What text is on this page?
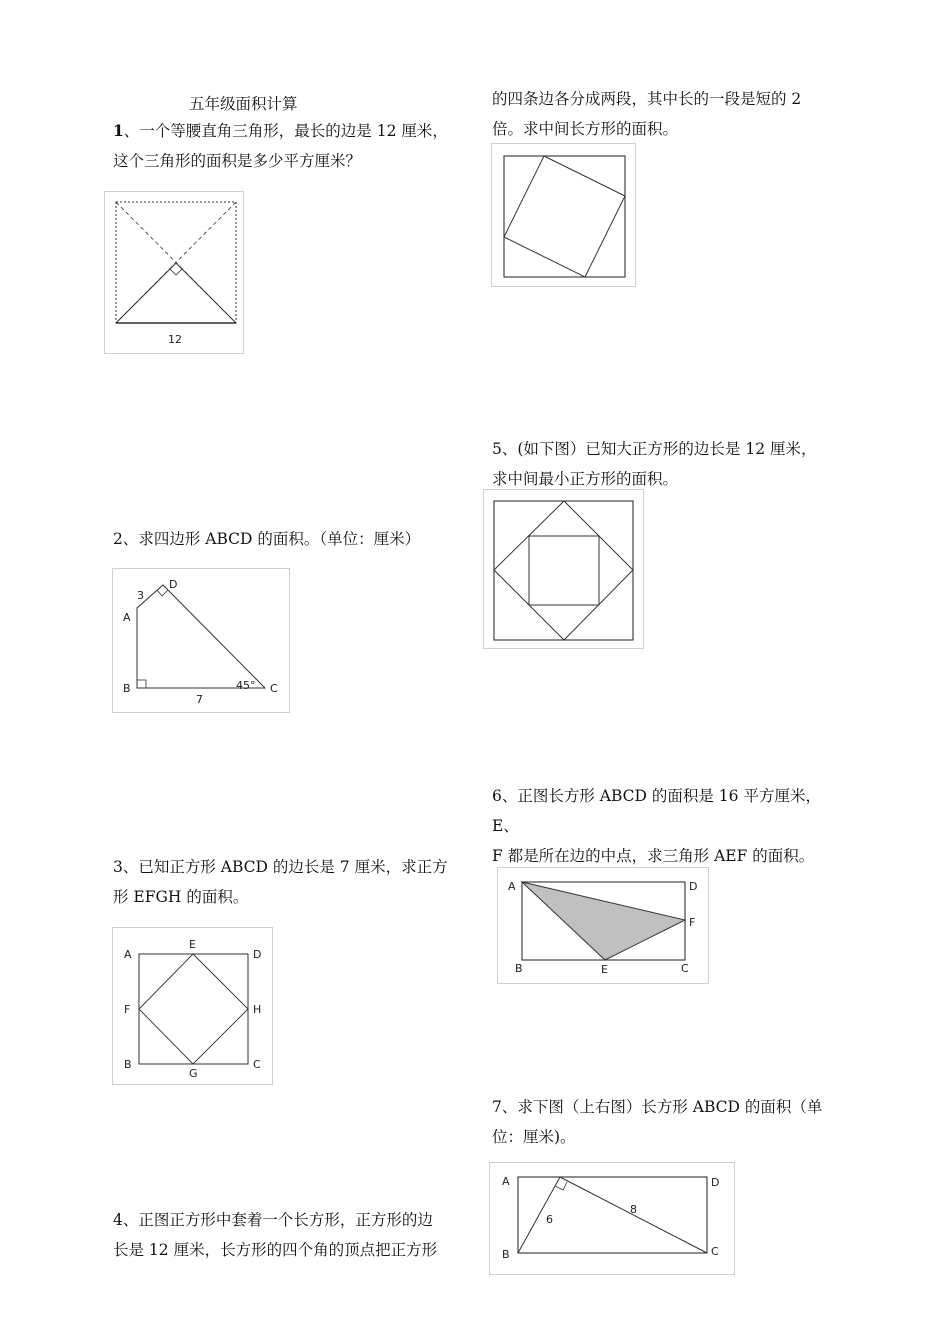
五年级面积计算
1、一个等腰直角三角形，最长的边是 12 厘米，
这个三角形的面积是多少平方厘米？
12
2、求四边形 ABCD 的面积。（单位：厘米）
A
B	C
D
3
7
45°
3、已知正方形 ABCD 的边长是 7 厘米，求正方
形 EFGH 的面积。
A
B	C
D
E
F
G
H
4、正图正方形中套着一个长方形，正方形的边
长是 12 厘米，长方形的四个角的顶点把正方形
的四条边各分成两段，其中长的一段是短的 2
倍。求中间长方形的面积。
5、(如下图）已知大正方形的边长是 12 厘米，
求中间最小正方形的面积。
6、正图长方形 ABCD 的面积是 16 平方厘米，E、
F 都是所在边的中点，求三角形 AEF 的面积。
A
B	C
D
E
F
7、求下图（上右图）长方形 ABCD 的面积（单
位：厘米)。
A
B	C
D
6
8
